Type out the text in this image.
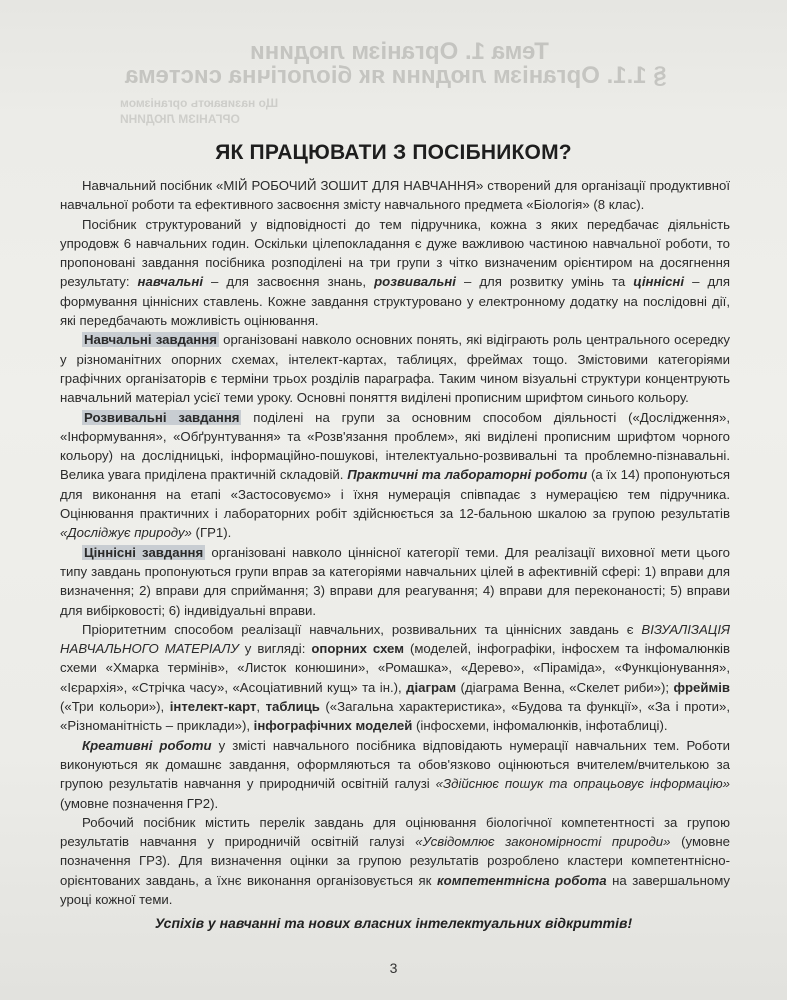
Тема 1. Організм людини
§ 1.1. Організм людини як біологічна система
Що називають організмом
ОРГАНІЗМ ЛЮДИНИ
ЯК ПРАЦЮВАТИ З ПОСІБНИКОМ?

Навчальний посібник «МІЙ РОБОЧИЙ ЗОШИТ ДЛЯ НАВЧАННЯ» створений для організації продуктивної навчальної роботи та ефективного засвоєння змісту навчального предмета «Біологія» (8 клас).

Посібник структурований у відповідності до тем підручника, кожна з яких передбачає діяльність упродовж 6 навчальних годин. Оскільки цілепокладання є дуже важливою частиною навчальної роботи, то пропоновані завдання посібника розподілені на три групи з чітко визначеним орієнтиром на досягнення результату: навчальні – для засвоєння знань, розвивальні – для розвитку умінь та ціннісні – для формування ціннісних ставлень. Кожне завдання структуровано у електронному додатку на послідовні дії, які передбачають можливість оцінювання.

Навчальні завдання організовані навколо основних понять, які відіграють роль центрального осередку у різноманітних опорних схемах, інтелект-картах, таблицях, фреймах тощо. Змістовими категоріями графічних організаторів є терміни трьох розділів параграфа. Таким чином візуальні структури концентрують навчальний матеріал усієї теми уроку. Основні поняття виділені прописним шрифтом синього кольору.

Розвивальні завдання поділені на групи за основним способом діяльності («Дослідження», «Інформування», «Обґрунтування» та «Розв'язання проблем», які виділені прописним шрифтом чорного кольору) на дослідницькі, інформаційно-пошукові, інтелектуально-розвивальні та проблемно-пізнавальні. Велика увага приділена практичній складовій. Практичні та лабораторні роботи (а їх 14) пропонуються для виконання на етапі «Застосовуємо» і їхня нумерація співпадає з нумерацією тем підручника. Оцінювання практичних і лабораторних робіт здійснюється за 12-бальною шкалою за групою результатів «Досліджує природу» (ГР1).

Ціннісні завдання організовані навколо ціннісної категорії теми. Для реалізації виховної мети цього типу завдань пропонуються групи вправ за категоріями навчальних цілей в афективній сфері: 1) вправи для визначення; 2) вправи для сприймання; 3) вправи для реагування; 4) вправи для переконаності; 5) вправи для вибірковості; 6) індивідуальні вправи.

Пріоритетним способом реалізації навчальних, розвивальних та ціннісних завдань є ВІЗУАЛІЗАЦІЯ НАВЧАЛЬНОГО МАТЕРІАЛУ у вигляді: опорних схем (моделей, інфографіки, інфосхем та інфомалюнків схеми «Хмарка термінів», «Листок конюшини», «Ромашка», «Дерево», «Піраміда», «Функціонування», «Ієрархія», «Стрічка часу», «Асоціативний кущ» та ін.), діаграм (діаграма Венна, «Скелет риби»); фреймів («Три кольори»), інтелект-карт, таблиць («Загальна характеристика», «Будова та функції», «За і проти», «Різноманітність – приклади»), інфографічних моделей (інфосхеми, інфомалюнків, інфотаблиці).

Креативні роботи у змісті навчального посібника відповідають нумерації навчальних тем. Роботи виконуються як домашнє завдання, оформляються та обов'язково оцінюються вчителем/вчителькою за групою результатів навчання у природничій освітній галузі «Здійснює пошук та опрацьовує інформацію» (умовне позначення ГР2).

Робочий посібник містить перелік завдань для оцінювання біологічної компетентності за групою результатів навчання у природничій освітній галузі «Усвідомлює закономірності природи» (умовне позначення ГР3). Для визначення оцінки за групою результатів розроблено кластери компетентнісно-орієнтованих завдань, а їхнє виконання організовується як компетентнісна робота на завершальному уроці кожної теми.

Успіхів у навчанні та нових власних інтелектуальних відкриттів!
3
